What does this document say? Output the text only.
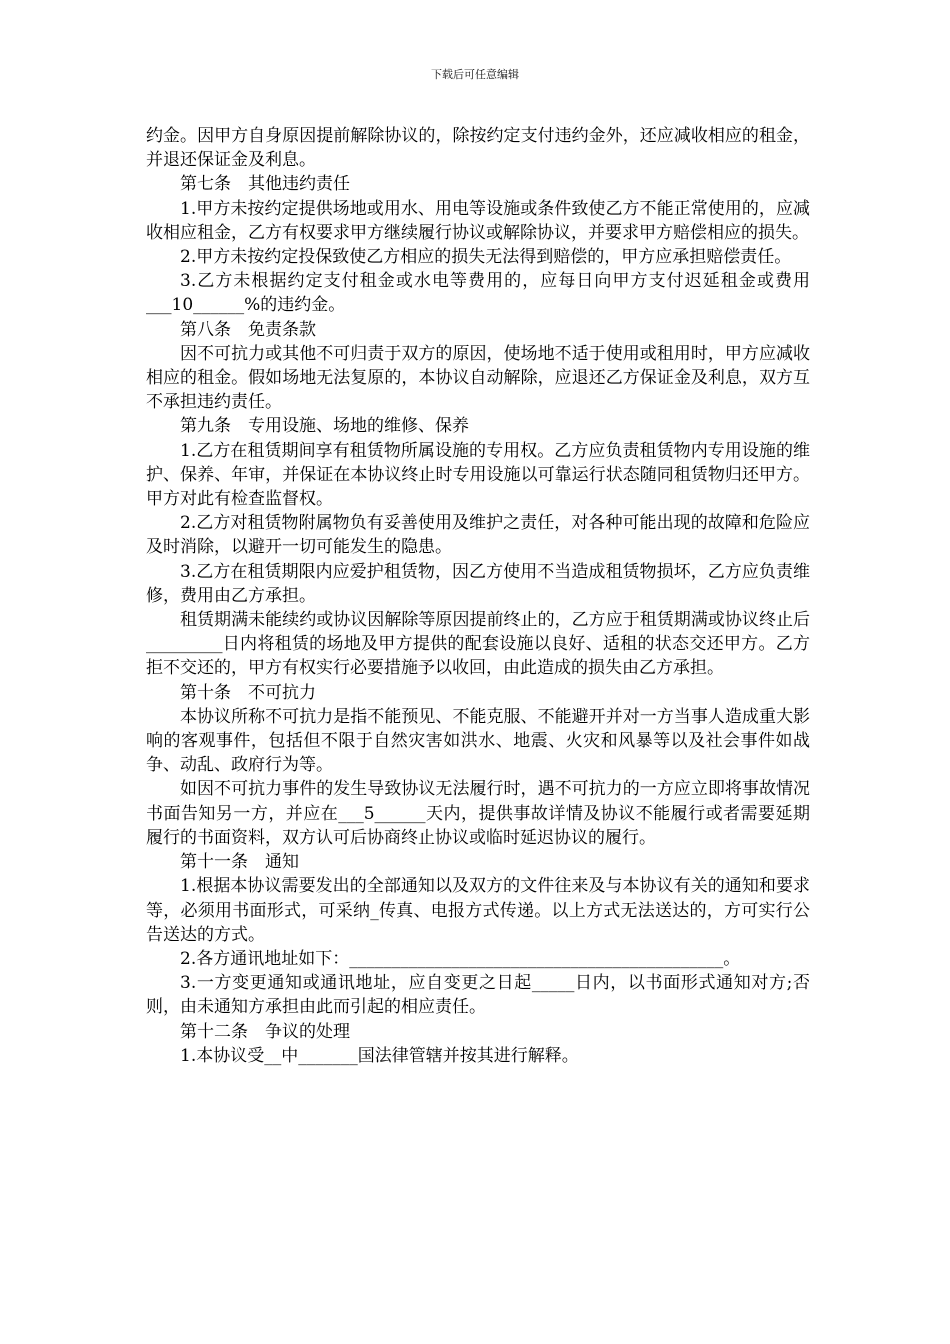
下载后可任意编辑

约金。因甲方自身原因提前解除协议的，除按约定支付违约金外，还应减收相应的租金，并退还保证金及利息。

第七条　其他违约责任

1.甲方未按约定提供场地或用水、用电等设施或条件致使乙方不能正常使用的，应减收相应租金，乙方有权要求甲方继续履行协议或解除协议，并要求甲方赔偿相应的损失。

2.甲方未按约定投保致使乙方相应的损失无法得到赔偿的，甲方应承担赔偿责任。

3.乙方未根据约定支付租金或水电等费用的，应每日向甲方支付迟延租金或费用___10______%的违约金。

第八条　免责条款

因不可抗力或其他不可归责于双方的原因，使场地不适于使用或租用时，甲方应减收相应的租金。假如场地无法复原的，本协议自动解除，应退还乙方保证金及利息，双方互不承担违约责任。

第九条　专用设施、场地的维修、保养

1.乙方在租赁期间享有租赁物所属设施的专用权。乙方应负责租赁物内专用设施的维护、保养、年审，并保证在本协议终止时专用设施以可靠运行状态随同租赁物归还甲方。甲方对此有检查监督权。

2.乙方对租赁物附属物负有妥善使用及维护之责任，对各种可能出现的故障和危险应及时消除，以避开一切可能发生的隐患。

3.乙方在租赁期限内应爱护租赁物，因乙方使用不当造成租赁物损坏，乙方应负责维修，费用由乙方承担。

租赁期满未能续约或协议因解除等原因提前终止的，乙方应于租赁期满或协议终止后_________日内将租赁的场地及甲方提供的配套设施以良好、适租的状态交还甲方。乙方拒不交还的，甲方有权实行必要措施予以收回，由此造成的损失由乙方承担。

第十条　不可抗力

本协议所称不可抗力是指不能预见、不能克服、不能避开并对一方当事人造成重大影响的客观事件，包括但不限于自然灾害如洪水、地震、火灾和风暴等以及社会事件如战争、动乱、政府行为等。

如因不可抗力事件的发生导致协议无法履行时，遇不可抗力的一方应立即将事故情况书面告知另一方，并应在___5______天内，提供事故详情及协议不能履行或者需要延期履行的书面资料，双方认可后协商终止协议或临时延迟协议的履行。

第十一条　通知

1.根据本协议需要发出的全部通知以及双方的文件往来及与本协议有关的通知和要求等，必须用书面形式，可采纳_传真、电报方式传递。以上方式无法送达的，方可实行公告送达的方式。

2.各方通讯地址如下：____________________________________________。

3.一方变更通知或通讯地址，应自变更之日起_____日内，以书面形式通知对方;否则，由未通知方承担由此而引起的相应责任。

第十二条　争议的处理

1.本协议受__中_______国法律管辖并按其进行解释。
